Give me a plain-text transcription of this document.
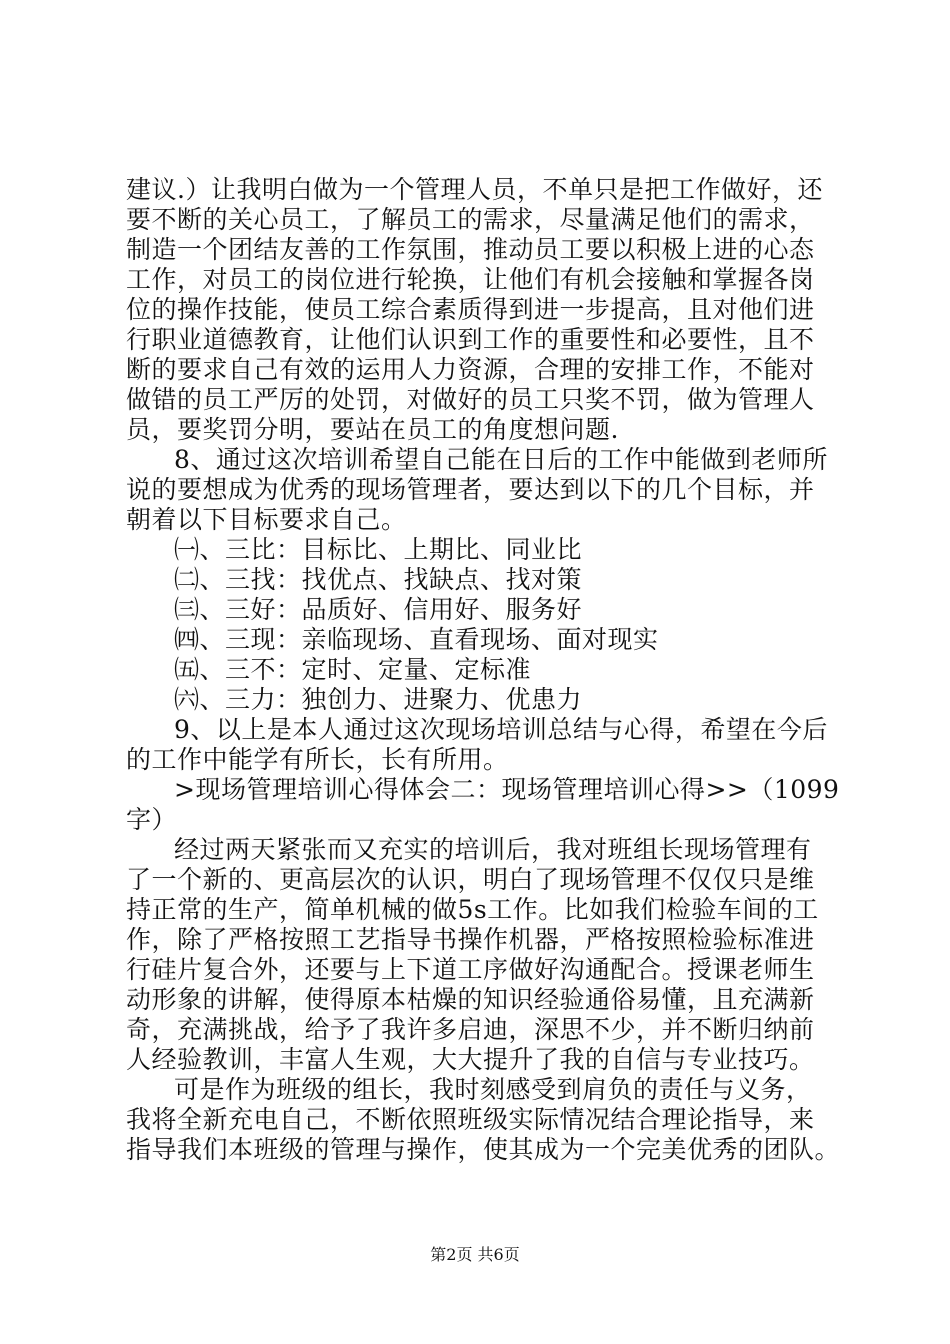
建议.）让我明白做为一个管理人员，不单只是把工作做好，还

要不断的关心员工，了解员工的需求，尽量满足他们的需求，

制造一个团结友善的工作氛围，推动员工要以积极上进的心态

工作，对员工的岗位进行轮换，让他们有机会接触和掌握各岗

位的操作技能，使员工综合素质得到进一步提高，且对他们进

行职业道德教育，让他们认识到工作的重要性和必要性，且不

断的要求自己有效的运用人力资源，合理的安排工作，不能对

做错的员工严厉的处罚，对做好的员工只奖不罚，做为管理人

员，要奖罚分明，要站在员工的角度想问题.

8、通过这次培训希望自己能在日后的工作中能做到老师所

说的要想成为优秀的现场管理者，要达到以下的几个目标，并

朝着以下目标要求自己。

㈠、三比：目标比、上期比、同业比

㈡、三找：找优点、找缺点、找对策

㈢、三好：品质好、信用好、服务好

㈣、三现：亲临现场、直看现场、面对现实

㈤、三不：定时、定量、定标准

㈥、三力：独创力、进聚力、优患力

9、以上是本人通过这次现场培训总结与心得，希望在今后

的工作中能学有所长，长有所用。

>现场管理培训心得体会二：现场管理培训心得>>（1099

字）

经过两天紧张而又充实的培训后，我对班组长现场管理有

了一个新的、更高层次的认识，明白了现场管理不仅仅只是维

持正常的生产，简单机械的做5s工作。比如我们检验车间的工

作，除了严格按照工艺指导书操作机器，严格按照检验标准进

行硅片复合外，还要与上下道工序做好沟通配合。授课老师生

动形象的讲解，使得原本枯燥的知识经验通俗易懂，且充满新

奇，充满挑战，给予了我许多启迪，深思不少，并不断归纳前

人经验教训，丰富人生观，大大提升了我的自信与专业技巧。

可是作为班级的组长，我时刻感受到肩负的责任与义务，

我将全新充电自己，不断依照班级实际情况结合理论指导，来

指导我们本班级的管理与操作，使其成为一个完美优秀的团队。

第2页 共6页
